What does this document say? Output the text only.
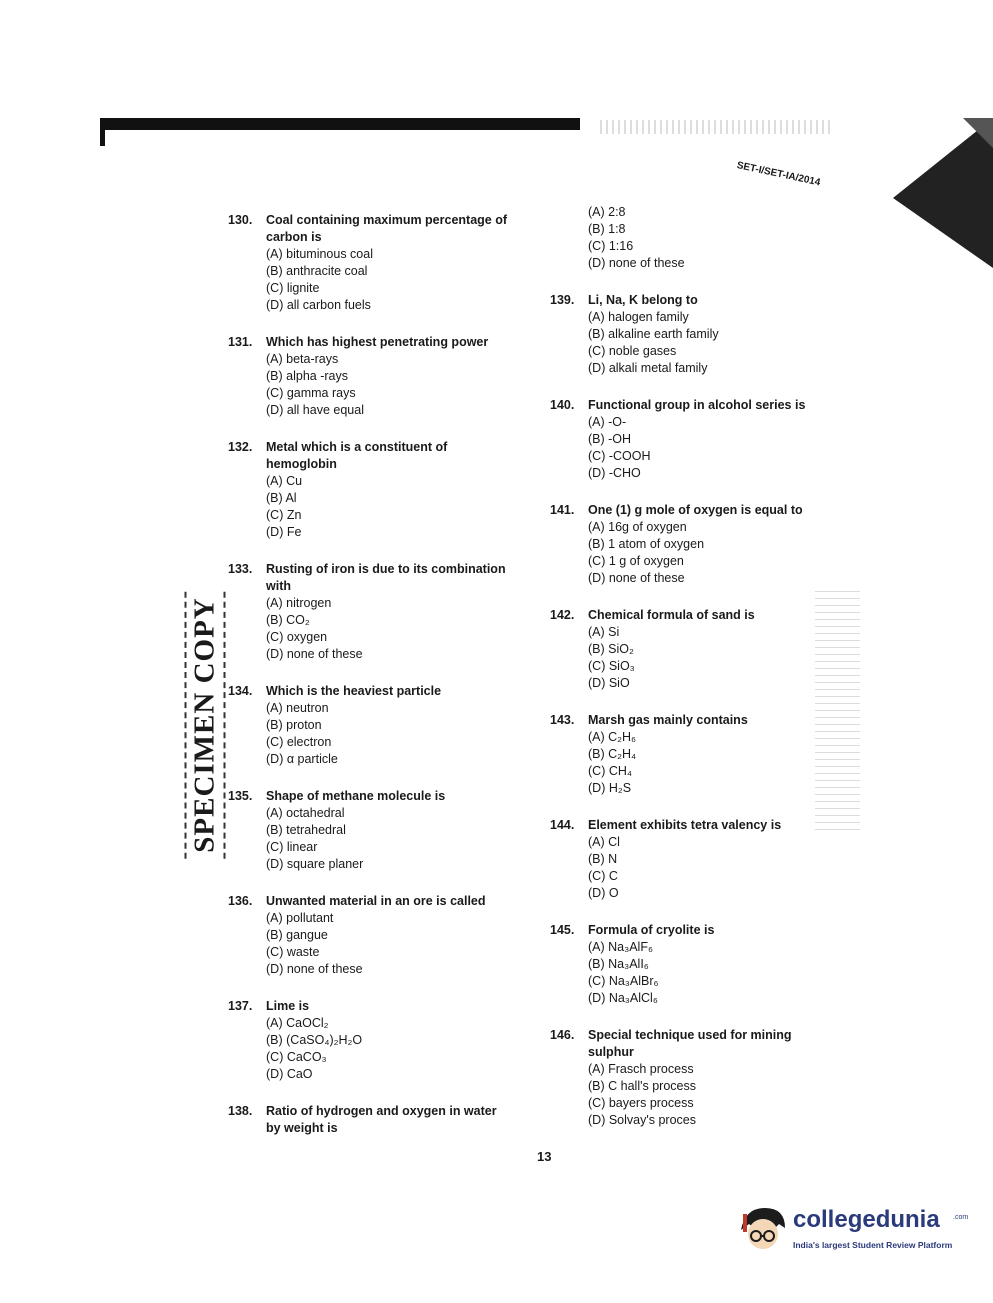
SET-I/SET-IA/2014
SPECIMEN COPY
130.	Coal containing maximum percentage of carbon is
(A) bituminous coal
(B) anthracite coal
(C) lignite
(D) all carbon fuels
131.	Which has highest penetrating power
(A) beta-rays
(B) alpha -rays
(C) gamma rays
(D) all have equal
132.	Metal which is a constituent of hemoglobin
(A) Cu
(B) Al
(C) Zn
(D) Fe
133.	Rusting of iron is due to its combination with
(A) nitrogen
(B) CO₂
(C) oxygen
(D) none of these
134.	Which is the heaviest particle
(A) neutron
(B) proton
(C) electron
(D) α particle
135.	Shape of methane molecule is
(A) octahedral
(B) tetrahedral
(C) linear
(D) square planer
136.	Unwanted material in an ore is called
(A) pollutant
(B) gangue
(C) waste
(D) none of these
137.	Lime is
(A) CaOCl₂
(B) (CaSO₄)₂H₂O
(C) CaCO₃
(D) CaO
138.	Ratio of hydrogen and oxygen in water by weight is
(A) 2:8
(B) 1:8
(C) 1:16
(D) none of these
139.	Li, Na, K belong to
(A) halogen family
(B) alkaline earth family
(C) noble gases
(D) alkali metal family
140.	Functional group in alcohol series is
(A) -O-
(B) -OH
(C) -COOH
(D) -CHO
141.	One (1) g mole of oxygen is equal to
(A) 16g of oxygen
(B) 1 atom of oxygen
(C) 1 g of oxygen
(D) none of these
142.	Chemical formula of sand is
(A) Si
(B) SiO₂
(C) SiO₃
(D) SiO
143.	Marsh gas mainly contains
(A) C₂H₆
(B) C₂H₄
(C) CH₄
(D) H₂S
144.	Element exhibits tetra valency is
(A) Cl
(B) N
(C) C
(D) O
145.	Formula of cryolite is
(A) Na₃AlF₆
(B) Na₃AlI₆
(C) Na₃AlBr₆
(D) Na₃AlCl₆
146.	Special technique used for mining sulphur
(A) Frasch process
(B) C hall's process
(C) bayers process
(D) Solvay's proces
13
collegedunia .com
India's largest Student Review Platform
